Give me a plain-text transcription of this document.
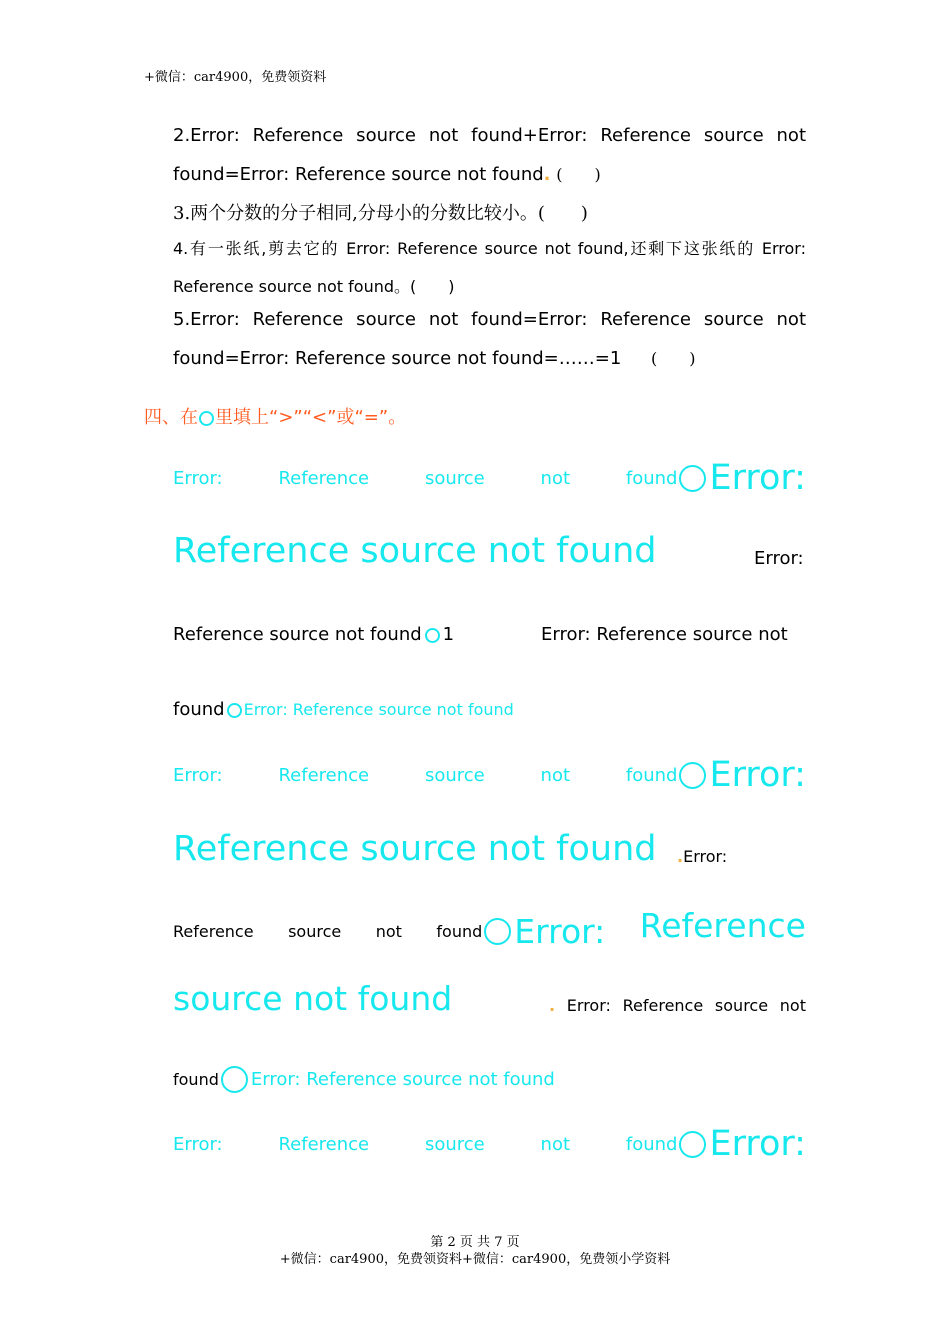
+微信：car4900，免费领资料
2.Error: Reference source not found+Error: Reference source not
found=Error: Reference source not found. (　　)
3.两个分数的分子相同,分母小的分数比较小。(　　)
4.有一张纸,剪去它的 Error: Reference source not found,还剩下这张纸的 Error:
Reference source not found。(　　)
5.Error: Reference source not found=Error: Reference source not
found=Error: Reference source not found=……=1 (　　)
四、在 里填上“>”“<”或“=”。
Error:	Reference	source	not	found Error:
Reference source not found	Error:
Reference source not found 1	Error: Reference source not
found Error: Reference source not found
Error:	Reference	source	not	found Error:
Reference source not found .Error:
Reference source not found Error: Reference
source not found	. Error: Reference source not
found Error: Reference source not found
Error:	Reference	source	not	found Error:
第 2 页 共 7 页
+微信：car4900，免费领资料+微信：car4900，免费领小学资料
